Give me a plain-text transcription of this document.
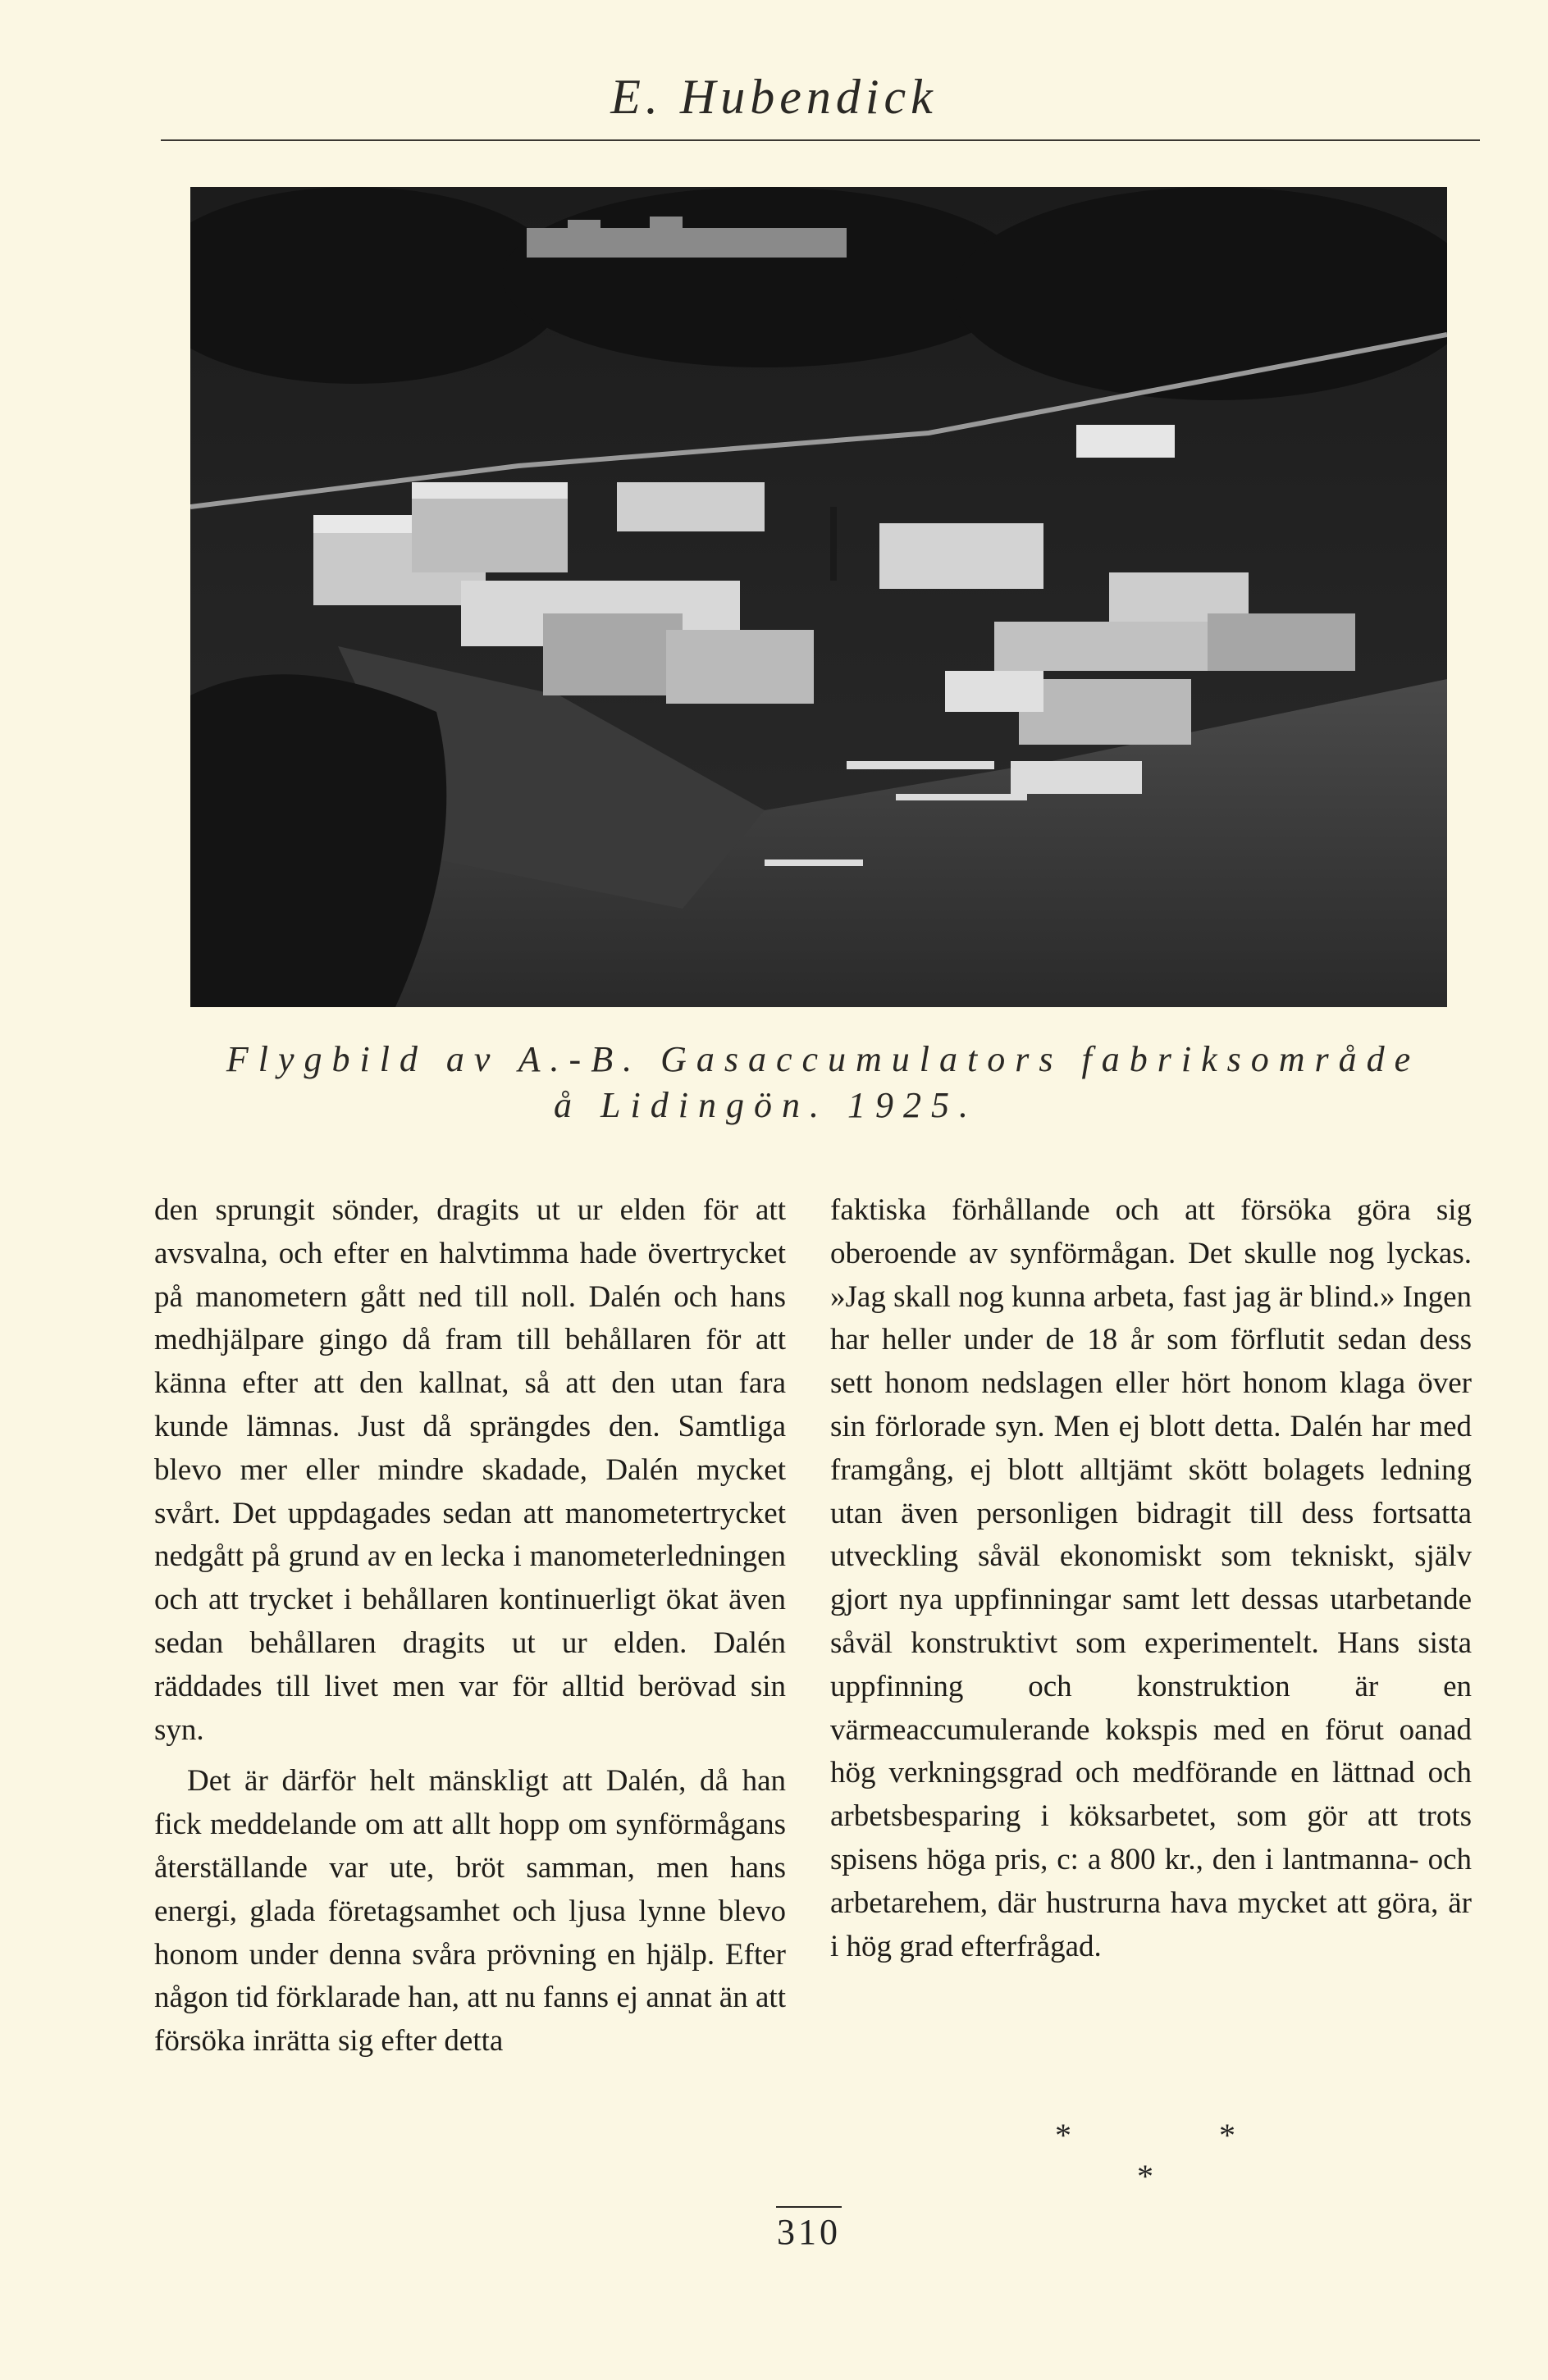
E. Hubendick
Flygbild av A.-B. Gasaccumulators fabriksområde
å Lidingön. 1925.

den sprungit sönder, dragits ut ur elden för att avsvalna, och efter en halvtimma hade övertrycket på manometern gått ned till noll. Dalén och hans medhjälpare gingo då fram till behållaren för att känna efter att den kallnat, så att den utan fara kunde lämnas. Just då sprängdes den. Samtliga blevo mer eller mindre skadade, Dalén mycket svårt. Det uppdagades sedan att manometertrycket nedgått på grund av en lecka i manometerledningen och att trycket i behållaren kontinuerligt ökat även sedan behållaren dragits ut ur elden. Dalén räddades till livet men var för alltid berövad sin syn.

Det är därför helt mänskligt att Dalén, då han fick meddelande om att allt hopp om synförmågans återställande var ute, bröt samman, men hans energi, glada företagsamhet och ljusa lynne blevo honom under denna svåra prövning en hjälp. Efter någon tid förklarade han, att nu fanns ej annat än att försöka inrätta sig efter detta

faktiska förhållande och att försöka göra sig oberoende av synförmågan. Det skulle nog lyckas. »Jag skall nog kunna arbeta, fast jag är blind.» Ingen har heller under de 18 år som förflutit sedan dess sett honom nedslagen eller hört honom klaga över sin förlorade syn. Men ej blott detta. Dalén har med framgång, ej blott alltjämt skött bolagets ledning utan även personligen bidragit till dess fortsatta utveckling såväl ekonomiskt som tekniskt, själv gjort nya uppfinningar samt lett dessas utarbetande såväl konstruktivt som experimentelt. Hans sista uppfinning och konstruktion är en värmeaccumulerande kokspis med en förut oanad hög verkningsgrad och medförande en lättnad och arbetsbesparing i köksarbetet, som gör att trots spisens höga pris, c: a 800 kr., den i lantmanna- och arbetarehem, där hustrurna hava mycket att göra, är i hög grad efterfrågad.

*	*
*
310
